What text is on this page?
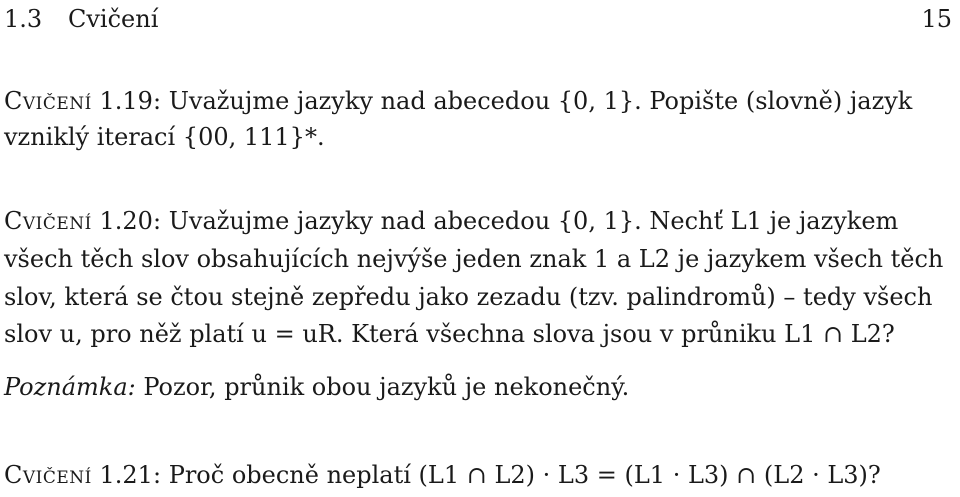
1.3 Cvičení	15
Cvičení 1.19: Uvažujme jazyky nad abecedou {0, 1}. Popište (slovně) jazyk
vzniklý iterací {00, 111}*.
Cvičení 1.20: Uvažujme jazyky nad abecedou {0, 1}. Nechť L1 je jazykem
všech těch slov obsahujících nejvýše jeden znak 1 a L2 je jazykem všech těch
slov, která se čtou stejně zepředu jako zezadu (tzv. palindromů) – tedy všech
slov u, pro něž platí u = uR. Která všechna slova jsou v průniku L1 ∩ L2?
Poznámka: Pozor, průnik obou jazyků je nekonečný.
Cvičení 1.21: Proč obecně neplatí (L1 ∩ L2) · L3 = (L1 · L3) ∩ (L2 · L3)?
